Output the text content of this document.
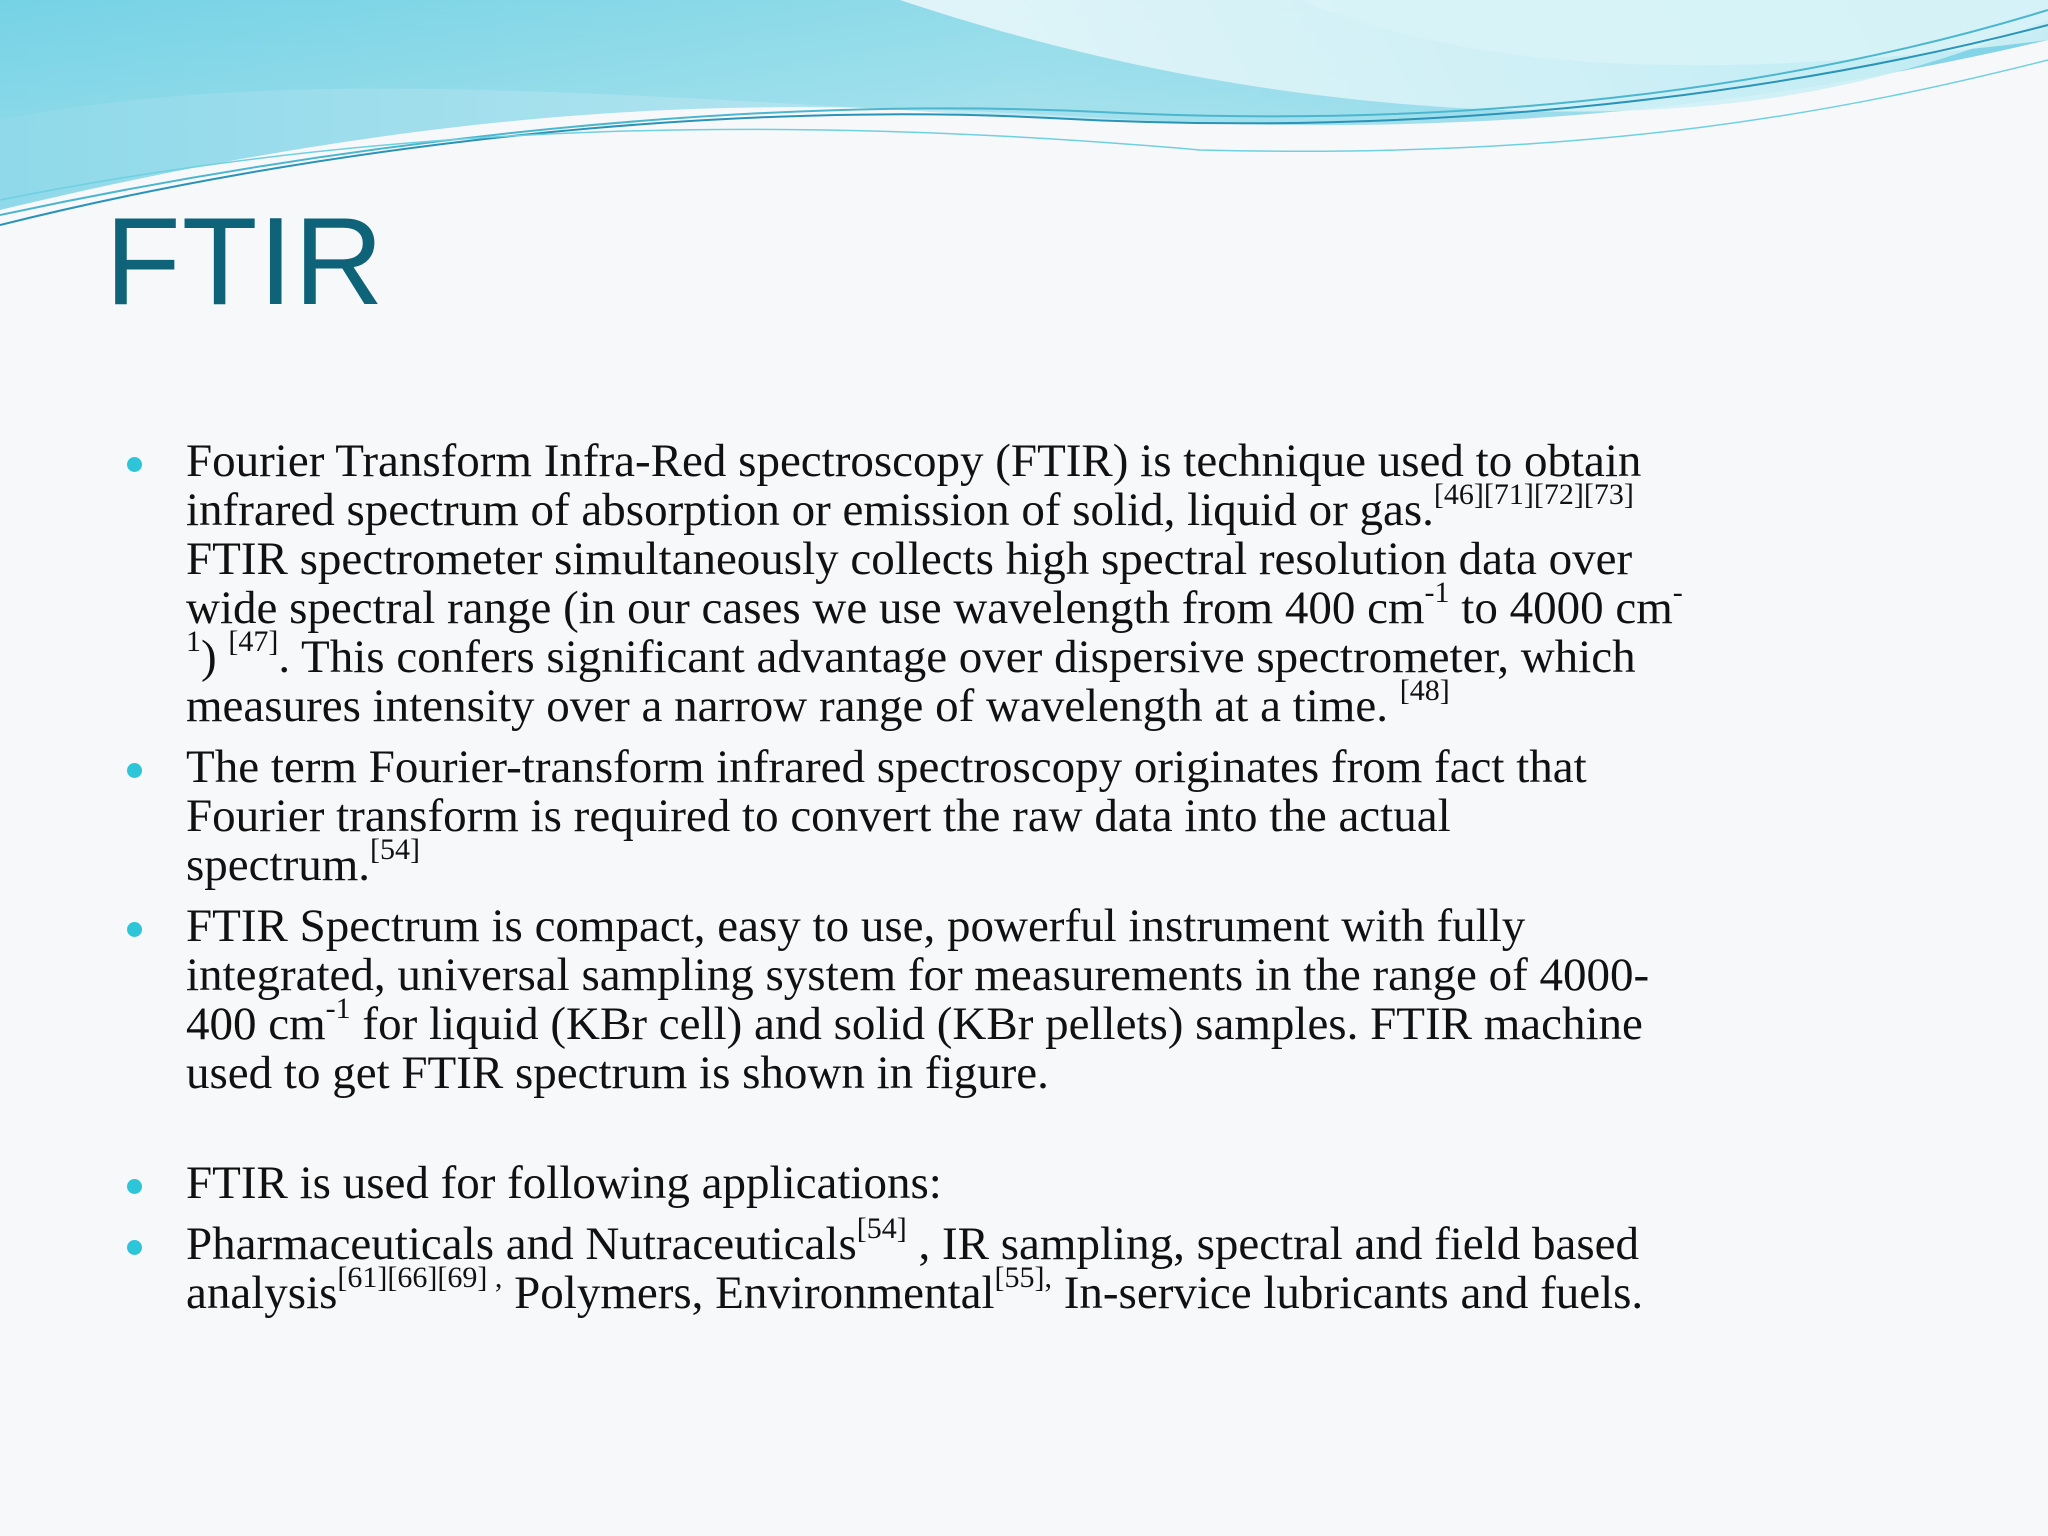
FTIR
Fourier Transform Infra-Red spectroscopy (FTIR) is technique used to obtain
infrared spectrum of absorption or emission of solid, liquid or gas.[46][71][72][73]
FTIR spectrometer simultaneously collects high spectral resolution data over
wide spectral range (in our cases we use wavelength from 400 $cm^{-1}$ to 4000 cm-
$^1$) [47]. This confers significant advantage over dispersive spectrometer, which
measures intensity over a narrow range of wavelength at a time. [48]
The term Fourier-transform infrared spectroscopy originates from fact that
Fourier transform is required to convert the raw data into the actual
spectrum.[54]
FTIR Spectrum is compact, easy to use, powerful instrument with fully
integrated, universal sampling system for measurements in the range of 4000-
400 $cm^{-1}$ for liquid (KBr cell) and solid (KBr pellets) samples. FTIR machine
used to get FTIR spectrum is shown in figure.
FTIR is used for following applications:
Pharmaceuticals and Nutraceuticals[54] , IR sampling, spectral and field based
analysis$^{[61][66][69] ,}$ Polymers, Environmental$^{[55],}$ In-service lubricants and fuels.
